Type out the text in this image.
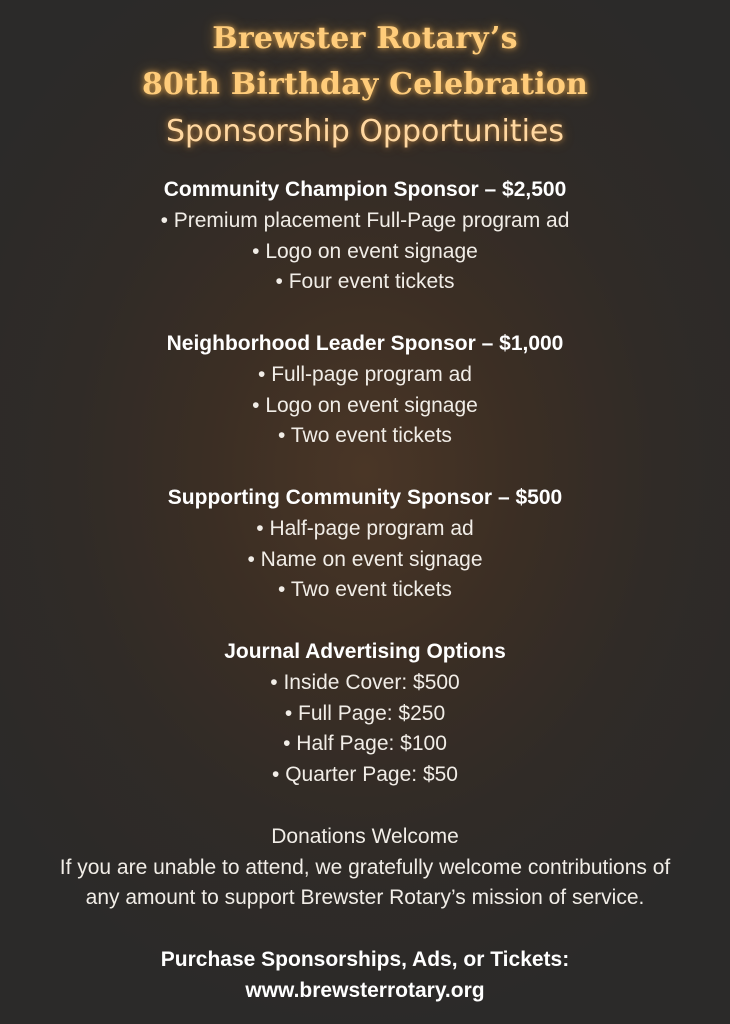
Brewster Rotary’s
80th Birthday Celebration
Sponsorship Opportunities
Community Champion Sponsor – $2,500
• Premium placement Full-Page program ad
• Logo on event signage
• Four event tickets
Neighborhood Leader Sponsor – $1,000
• Full-page program ad
• Logo on event signage
• Two event tickets
Supporting Community Sponsor – $500
• Half-page program ad
• Name on event signage
• Two event tickets
Journal Advertising Options
• Inside Cover: $500
• Full Page: $250
• Half Page: $100
• Quarter Page: $50
Donations Welcome
If you are unable to attend, we gratefully welcome contributions of
any amount to support Brewster Rotary’s mission of service.
Purchase Sponsorships, Ads, or Tickets:
www.brewsterrotary.org
